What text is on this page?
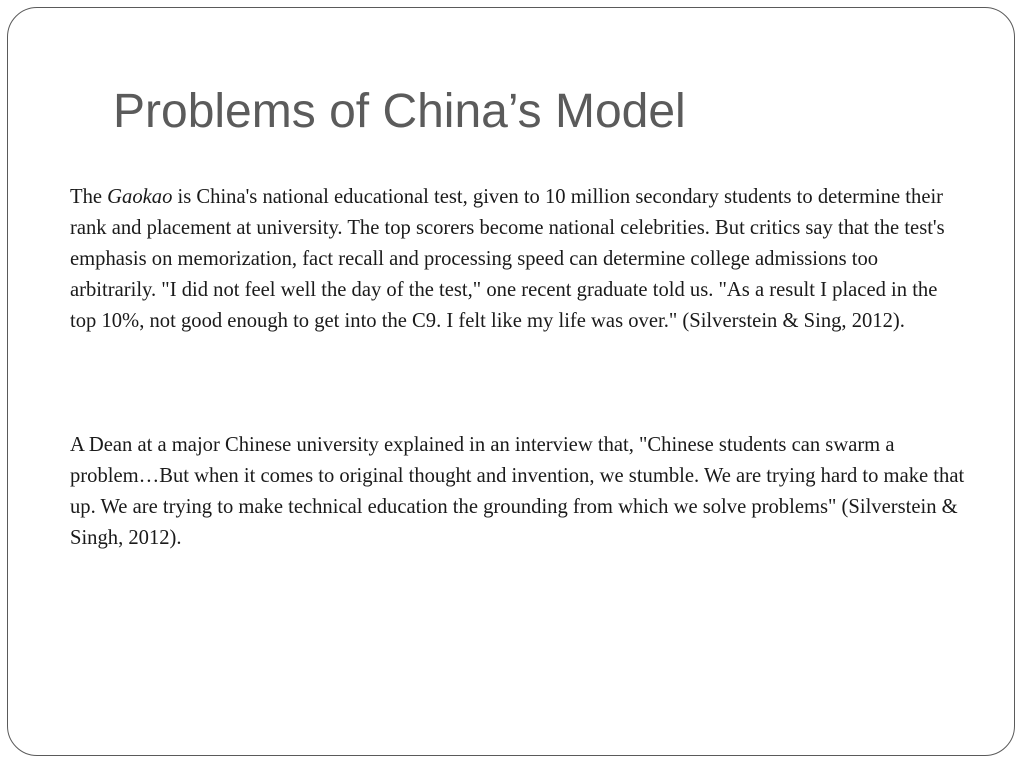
Problems of China’s Model

The Gaokao is China's national educational test, given to 10 million secondary students to determine their rank and placement at university. The top scorers become national celebrities. But critics say that the test's emphasis on memorization, fact recall and processing speed can determine college admissions too arbitrarily. "I did not feel well the day of the test," one recent graduate told us. "As a result I placed in the top 10%, not good enough to get into the C9. I felt like my life was over." (Silverstein & Sing, 2012).

A Dean at a major Chinese university explained in an interview that, "Chinese students can swarm a problem…But when it comes to original thought and invention, we stumble. We are trying hard to make that up. We are trying to make technical education the grounding from which we solve problems" (Silverstein & Singh, 2012).
